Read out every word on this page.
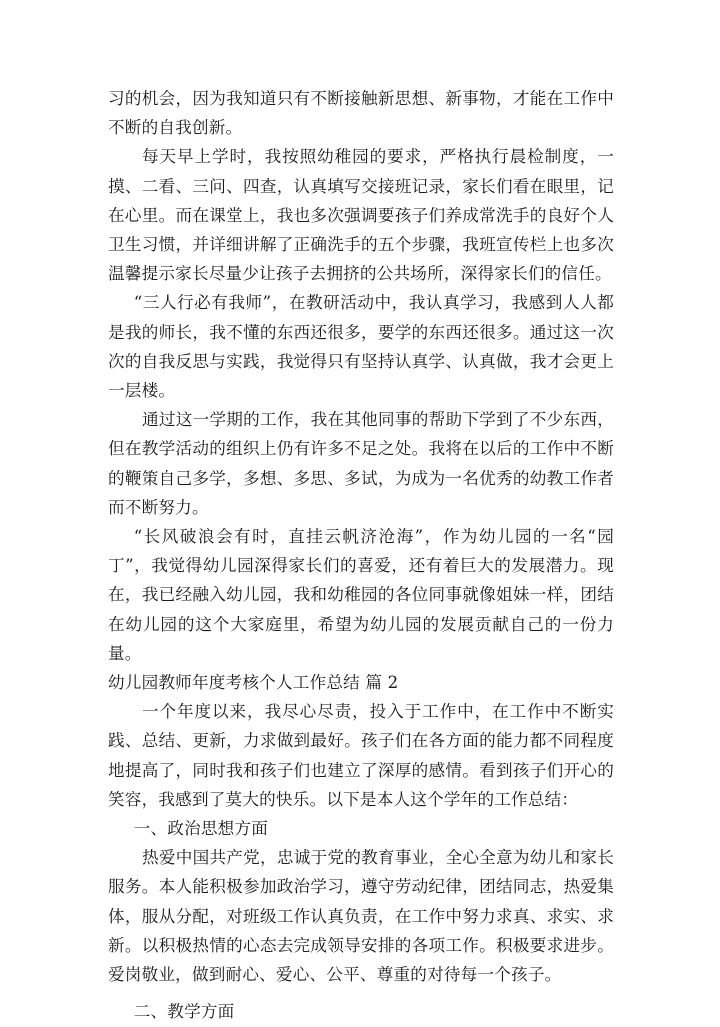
习的机会，因为我知道只有不断接触新思想、新事物，才能在工作中不断的自我创新。

每天早上学时，我按照幼稚园的要求，严格执行晨检制度，一摸、二看、三问、四查，认真填写交接班记录，家长们看在眼里，记在心里。而在课堂上，我也多次强调要孩子们养成常洗手的良好个人卫生习惯，并详细讲解了正确洗手的五个步骤，我班宣传栏上也多次温馨提示家长尽量少让孩子去拥挤的公共场所，深得家长们的信任。

“三人行必有我师”，在教研活动中，我认真学习，我感到人人都是我的师长，我不懂的东西还很多，要学的东西还很多。通过这一次次的自我反思与实践，我觉得只有坚持认真学、认真做，我才会更上一层楼。

通过这一学期的工作，我在其他同事的帮助下学到了不少东西，但在教学活动的组织上仍有许多不足之处。我将在以后的工作中不断的鞭策自己多学，多想、多思、多试，为成为一名优秀的幼教工作者而不断努力。

“长风破浪会有时，直挂云帆济沧海”，作为幼儿园的一名“园丁”，我觉得幼儿园深得家长们的喜爱，还有着巨大的发展潜力。现在，我已经融入幼儿园，我和幼稚园的各位同事就像姐妹一样，团结在幼儿园的这个大家庭里，希望为幼儿园的发展贡献自己的一份力量。

幼儿园教师年度考核个人工作总结 篇 2

一个年度以来，我尽心尽责，投入于工作中，在工作中不断实践、总结、更新，力求做到最好。孩子们在各方面的能力都不同程度地提高了，同时我和孩子们也建立了深厚的感情。看到孩子们开心的笑容，我感到了莫大的快乐。以下是本人这个学年的工作总结：

一、政治思想方面

热爱中国共产党，忠诚于党的教育事业，全心全意为幼儿和家长服务。本人能积极参加政治学习，遵守劳动纪律，团结同志，热爱集体，服从分配，对班级工作认真负责，在工作中努力求真、求实、求新。以积极热情的心态去完成领导安排的各项工作。积极要求进步。爱岗敬业，做到耐心、爱心、公平、尊重的对待每一个孩子。

二、教学方面
